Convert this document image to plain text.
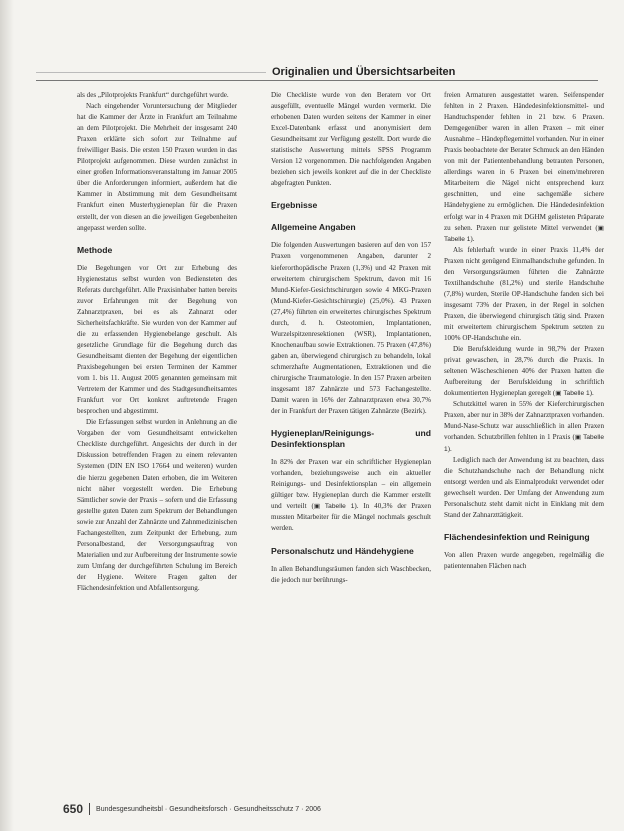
Originalien und Übersichtsarbeiten

als des „Pilotprojekts Frankfurt“ durchgeführt wurde.

Nach eingehender Voruntersuchung der Mitglieder hat die Kammer der Ärzte in Frankfurt am Teilnahme an dem Pilotprojekt. Die Mehrheit der insgesamt 240 Praxen erklärte sich sofort zur Teilnahme auf freiwilliger Basis. Die ersten 150 Praxen wurden in das Pilotprojekt aufgenommen. Diese wurden zunächst in einer großen Informationsveranstaltung im Januar 2005 über die Anforderungen informiert, außerdem hat die Kammer in Abstimmung mit dem Gesundheitsamt Frankfurt einen Musterhygieneplan für die Praxen erstellt, der von diesen an die jeweiligen Gegebenheiten angepasst werden sollte.

Methode

Die Begehungen vor Ort zur Erhebung des Hygienestatus selbst wurden von Bediensteten des Referats durchgeführt. Alle Praxisinhaber hatten bereits zuvor Erfahrungen mit der Begehung von Zahnarztpraxen, bei es als Zahnarzt oder Sicherheitsfachkräfte. Sie wurden von der Kammer auf die zu erfassenden Hygienebelange geschult. Als gesetzliche Grundlage für die Begehung durch das Gesundheitsamt dienten der Begehung der eigentlichen Praxisbegehungen bei ersten Terminen der Kammer vom 1. bis 11. August 2005 genannten gemeinsam mit Vertretern der Kammer und des Stadtgesundheitsamtes Frankfurt vor Ort konkret auftretende Fragen besprochen und abgestimmt.

Die Erfassungen selbst wurden in Anlehnung an die Vorgaben der vom Gesundheitsamt entwickelten Checkliste durchgeführt. Angesichts der durch in der Diskussion betreffenden Fragen zu einem relevanten Systemen (DIN EN ISO 17664 und weiteren) wurden die hierzu gegebenen Daten erhoben, die im Weiteren nicht näher vorgestellt werden. Die Erhebung Sämtlicher sowie der Praxis – sofern und die Erfassung gestellte guten Daten zum Spektrum der Behandlungen sowie zur Anzahl der Zahnärzte und Zahnmedizinischen Fachangestellten, zum Zeitpunkt der Erhebung, zum Personalbestand, der Versorgungsauftrag von Materialien und zur Aufbereitung der Instrumente sowie zum Umfang der durchgeführten Schulung im Bereich der Hygiene. Weitere Fragen galten der Flächendesinfektion und Abfallentsorgung.

Die Checkliste wurde von den Beratern vor Ort ausgefüllt, eventuelle Mängel wurden vermerkt. Die erhobenen Daten wurden seitens der Kammer in einer Excel-Datenbank erfasst und anonymisiert dem Gesundheitsamt zur Verfügung gestellt. Dort wurde die statistische Auswertung mittels SPSS Programm Version 12 vorgenommen. Die nachfolgenden Angaben beziehen sich jeweils konkret auf die in der Checkliste abgefragten Punkten.

Ergebnisse
Allgemeine Angaben

Die folgenden Auswertungen basieren auf den von 157 Praxen vorgenommenen Angaben, darunter 2 kieferorthopädische Praxen (1,3%) und 42 Praxen mit erweitertem chirurgischem Spektrum, davon mit 16 Mund-Kiefer-Gesichtschirurgen sowie 4 MKG-Praxen (Mund-Kiefer-Gesichtschirurgie) (25,0%). 43 Praxen (27,4%) führten ein erweitertes chirurgisches Spektrum durch, d. h. Osteotomien, Implantationen, Wurzelspitzenresektionen (WSR), Implantationen, Knochenaufbau sowie Extraktionen. 75 Praxen (47,8%) gaben an, überwiegend chirurgisch zu behandeln, lokal schmerzhafte Augmentationen, Extraktionen und die chirurgische Traumatologie. In den 157 Praxen arbeiten insgesamt 187 Zahnärzte und 573 Fachangestellte. Damit waren in 16% der Zahnarztpraxen etwa 30,7% der in Frankfurt der Praxen tätigen Zahnärzte (Bezirk).

Hygieneplan/Reinigungs- und Desinfektionsplan

In 82% der Praxen war ein schriftlicher Hygieneplan vorhanden, beziehungsweise auch ein aktueller Reinigungs- und Desinfektionsplan – ein allgemein gültiger bzw. Hygieneplan durch die Kammer erstellt und verteilt (▣ Tabelle 1). In 40,3% der Praxen mussten Mitarbeiter für die Mängel nochmals geschult werden.

Personalschutz und Händehygiene

In allen Behandlungsräumen fanden sich Waschbecken, die jedoch nur berührungs-

freien Armaturen ausgestattet waren. Seifenspender fehlten in 2 Praxen. Händedesinfektionsmittel- und Handtuchspender fehlten in 21 bzw. 6 Praxen. Demgegenüber waren in allen Praxen – mit einer Ausnahme – Händepflegemittel vorhanden. Nur in einer Praxis beobachtete der Berater Schmuck an den Händen von mit der Patientenbehandlung betrauten Personen, allerdings waren in 6 Praxen bei einem/mehreren Mitarbeitern die Nägel nicht entsprechend kurz geschnitten, und eine sachgemäße sichere Händehygiene zu ermöglichen. Die Händedesinfektion erfolgt war in 4 Praxen mit DGHM gelisteten Präparate zu sehen. Praxen nur gelistete Mittel verwendet (▣ Tabelle 1).

Als fehlerhaft wurde in einer Praxis 11,4% der Praxen nicht genügend Einmalhandschuhe gefunden. In den Versorgungsräumen führten die Zahnärzte Textilhandschuhe (81,2%) und sterile Handschuhe (7,8%) wurden, Sterile OP-Handschuhe fanden sich bei insgesamt 73% der Praxen, in der Regel in solchen Praxen, die überwiegend chirurgisch tätig sind. Praxen mit erweitertem chirurgischem Spektrum setzten zu 100% OP-Handschuhe ein.

Die Berufskleidung wurde in 98,7% der Praxen privat gewaschen, in 28,7% durch die Praxis. In seltenen Wäscheschienen 40% der Praxen hatten die Aufbereitung der Berufskleidung in schriftlich dokumentierten Hygieneplan geregelt (▣ Tabelle 1).

Schutzkittel waren in 55% der Kieferchirurgischen Praxen, aber nur in 38% der Zahnarztpraxen vorhanden. Mund-Nase-Schutz war ausschließlich in allen Praxen vorhanden. Schutzbrillen fehlten in 1 Praxis (▣ Tabelle 1).

Lediglich nach der Anwendung ist zu beachten, dass die Schutzhandschuhe nach der Behandlung nicht entsorgt werden und als Einmalprodukt verwendet oder gewechselt wurden. Der Umfang der Anwendung zum Personalschutz steht damit nicht in Einklang mit dem Stand der Zahnarzttätigkeit.

Flächendesinfektion und Reinigung

Von allen Praxen wurde angegeben, regelmäßig die patientennahen Flächen nach

650 Bundesgesundheitsbl · Gesundheitsforsch · Gesundheitsschutz 7 · 2006
